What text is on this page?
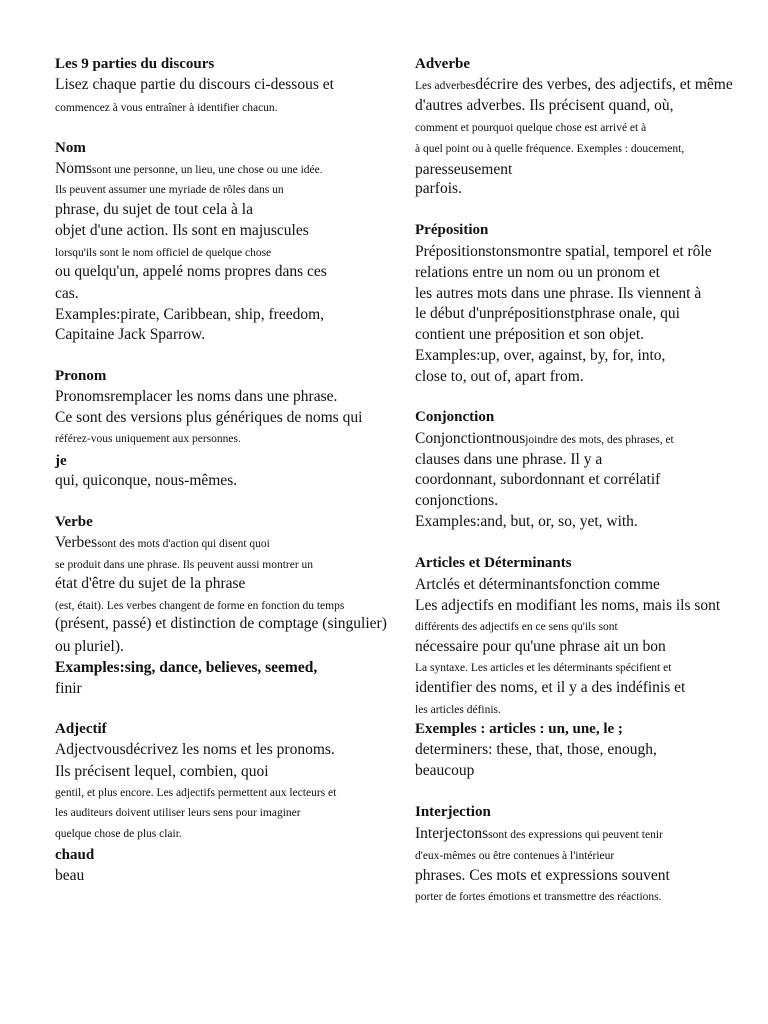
Les 9 parties du discours
Lisez chaque partie du discours ci-dessous et
commencez à vous entraîner à identifier chacun.
Nom
Nomssont une personne, un lieu, une chose ou une idée.
Ils peuvent assumer une myriade de rôles dans un
phrase, du sujet de tout cela à la
objet d'une action. Ils sont en majuscules
lorsqu'ils sont le nom officiel de quelque chose
ou quelqu'un, appelé noms propres dans ces
cas.
Examples:pirate, Caribbean, ship, freedom,
Capitaine Jack Sparrow.
Pronom
Pronomsremplacer les noms dans une phrase.
Ce sont des versions plus génériques de noms qui
référez-vous uniquement aux personnes.
je
qui, quiconque, nous-mêmes.
Verbe
Verbessont des mots d'action qui disent quoi
se produit dans une phrase. Ils peuvent aussi montrer un
état d'être du sujet de la phrase
(est, était). Les verbes changent de forme en fonction du temps
(présent, passé) et distinction de comptage (singulier)
ou pluriel).
Examples:sing, dance, believes, seemed,
finir
Adjectif
Adjectvousdécrivez les noms et les pronoms.
Ils précisent lequel, combien, quoi
gentil, et plus encore. Les adjectifs permettent aux lecteurs et
les auditeurs doivent utiliser leurs sens pour imaginer
quelque chose de plus clair.
chaud
beau
Adverbe
Les adverbesdécrire des verbes, des adjectifs, et même
d'autres adverbes. Ils précisent quand, où,
comment et pourquoi quelque chose est arrivé et à
à quel point ou à quelle fréquence. Exemples : doucement,
paresseusement
parfois.
Préposition
Prépositionstonsmontre spatial, temporel et rôle
relations entre un nom ou un pronom et
les autres mots dans une phrase. Ils viennent à
le début d'unprépositionstphrase onale, qui
contient une préposition et son objet.
Examples:up, over, against, by, for, into,
close to, out of, apart from.
Conjonction
Conjonctiontnousjoindre des mots, des phrases, et
clauses dans une phrase. Il y a
coordonnant, subordonnant et corrélatif
conjonctions.
Examples:and, but, or, so, yet, with.
Articles et Déterminants
Artclés et déterminantsfonction comme
Les adjectifs en modifiant les noms, mais ils sont
différents des adjectifs en ce sens qu'ils sont
nécessaire pour qu'une phrase ait un bon
La syntaxe. Les articles et les déterminants spécifient et
identifier des noms, et il y a des indéfinis et
les articles définis.
Exemples : articles : un, une, le ;
determiners: these, that, those, enough,
beaucoup
Interjection
Interjectonssont des expressions qui peuvent tenir
d'eux-mêmes ou être contenues à l'intérieur
phrases. Ces mots et expressions souvent
porter de fortes émotions et transmettre des réactions.
